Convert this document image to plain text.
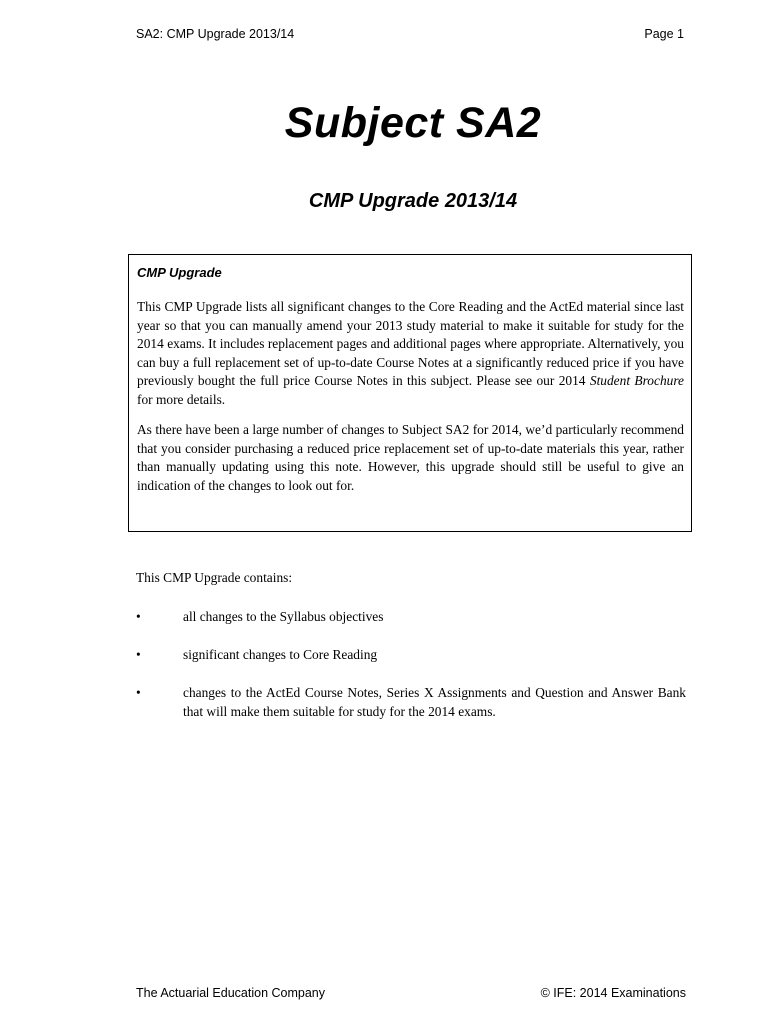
SA2: CMP Upgrade 2013/14	Page 1
Subject SA2
CMP Upgrade 2013/14
CMP Upgrade

This CMP Upgrade lists all significant changes to the Core Reading and the ActEd material since last year so that you can manually amend your 2013 study material to make it suitable for study for the 2014 exams. It includes replacement pages and additional pages where appropriate. Alternatively, you can buy a full replacement set of up-to-date Course Notes at a significantly reduced price if you have previously bought the full price Course Notes in this subject. Please see our 2014 Student Brochure for more details.

As there have been a large number of changes to Subject SA2 for 2014, we’d particularly recommend that you consider purchasing a reduced price replacement set of up-to-date materials this year, rather than manually updating using this note. However, this upgrade should still be useful to give an indication of the changes to look out for.

This CMP Upgrade contains:
•	all changes to the Syllabus objectives
•	significant changes to Core Reading
•	changes to the ActEd Course Notes, Series X Assignments and Question and Answer Bank that will make them suitable for study for the 2014 exams.
The Actuarial Education Company	© IFE: 2014 Examinations
